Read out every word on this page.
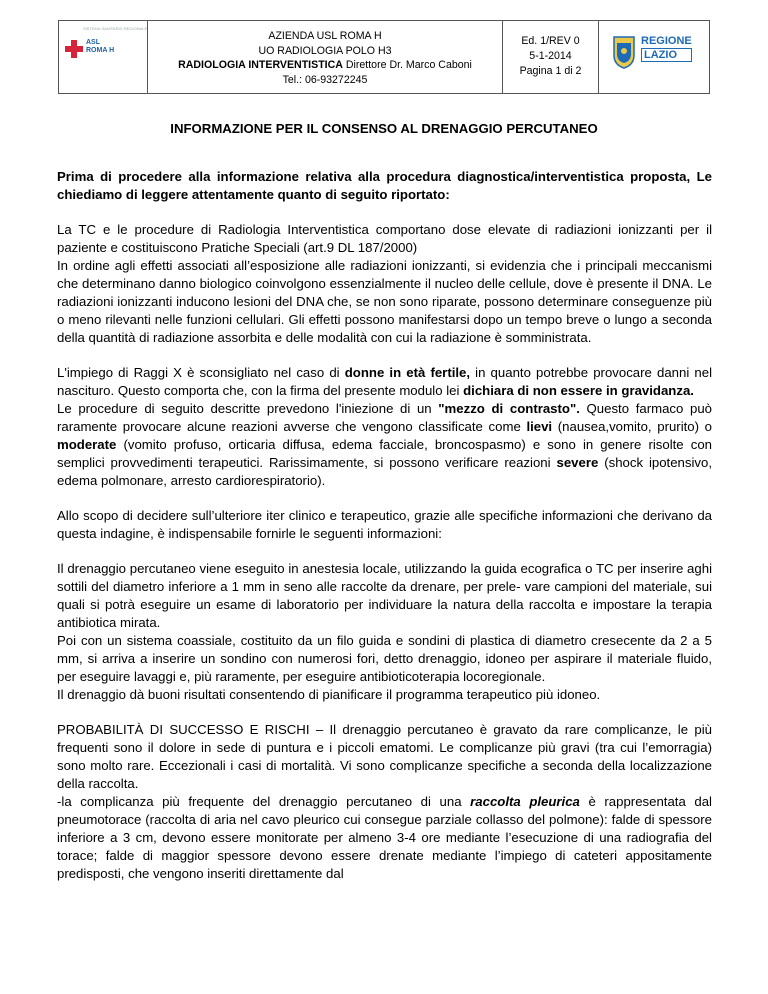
SISTEMA SANITARIO REGIONALE
ASL
ROMA H
AZIENDA USL ROMA H
UO RADIOLOGIA POLO H3
RADIOLOGIA INTERVENTISTICA Direttore Dr. Marco Caboni
Tel.: 06-93272245
Ed. 1/REV 0
5-1-2014
Pagina 1 di 2
REGIONE
LAZIO
INFORMAZIONE PER IL CONSENSO AL DRENAGGIO PERCUTANEO

Prima di procedere alla informazione relativa alla procedura diagnostica/interventistica proposta, Le chiediamo di leggere attentamente quanto di seguito riportato:

La TC e le procedure di Radiologia Interventistica comportano dose elevate di radiazioni ionizzanti per il paziente e costituiscono Pratiche Speciali (art.9 DL 187/2000)
In ordine agli effetti associati all’esposizione alle radiazioni ionizzanti, si evidenzia che i principali meccanismi che determinano danno biologico coinvolgono essenzialmente il nucleo delle cellule, dove è presente il DNA. Le radiazioni ionizzanti inducono lesioni del DNA che, se non sono riparate, possono determinare conseguenze più o meno rilevanti nelle funzioni cellulari. Gli effetti possono manifestarsi dopo un tempo breve o lungo a seconda della quantità di radiazione assorbita e delle modalità con cui la radiazione è somministrata.

L'impiego di Raggi X è sconsigliato nel caso di donne in età fertile, in quanto potrebbe provocare danni nel nascituro. Questo comporta che, con la firma del presente modulo lei dichiara di non essere in gravidanza.

Le procedure di seguito descritte prevedono l'iniezione di un "mezzo di contrasto". Questo farmaco può raramente provocare alcune reazioni avverse che vengono classificate come lievi (nausea,vomito, prurito) o moderate (vomito profuso, orticaria diffusa, edema facciale, broncospasmo) e sono in genere risolte con semplici provvedimenti terapeutici. Rarissimamente, si possono verificare reazioni severe (shock ipotensivo, edema polmonare, arresto cardiorespiratorio).

Allo scopo di decidere sull’ulteriore iter clinico e terapeutico, grazie alle specifiche informazioni che derivano da questa indagine, è indispensabile fornirle le seguenti informazioni:

Il drenaggio percutaneo viene eseguito in anestesia locale, utilizzando la guida ecografica o TC per inserire aghi sottili del diametro inferiore a 1 mm in seno alle raccolte da drenare, per prele- vare campioni del materiale, sui quali si potrà eseguire un esame di laboratorio per individuare la natura della raccolta e impostare la terapia antibiotica mirata.
Poi con un sistema coassiale, costituito da un filo guida e sondini di plastica di diametro cresecente da 2 a 5 mm, si arriva a inserire un sondino con numerosi fori, detto drenaggio, idoneo per aspirare il materiale fluido, per eseguire lavaggi e, più raramente, per eseguire antibioticoterapia locoregionale.
Il drenaggio dà buoni risultati consentendo di pianificare il programma terapeutico più idoneo.

PROBABILITÀ DI SUCCESSO E RISCHI – Il drenaggio percutaneo è gravato da rare complicanze, le più frequenti sono il dolore in sede di puntura e i piccoli ematomi. Le complicanze più gravi (tra cui l’emorragia) sono molto rare. Eccezionali i casi di mortalità. Vi sono complicanze specifiche a seconda della localizzazione della raccolta.
-la complicanza più frequente del drenaggio percutaneo di una raccolta pleurica è rappresentata dal pneumotorace (raccolta di aria nel cavo pleurico cui consegue parziale collasso del polmone): falde di spessore inferiore a 3 cm, devono essere monitorate per almeno 3-4 ore mediante l’esecuzione di una radiografia del torace; falde di maggior spessore devono essere drenate mediante l’impiego di cateteri appositamente predisposti, che vengono inseriti direttamente dal
